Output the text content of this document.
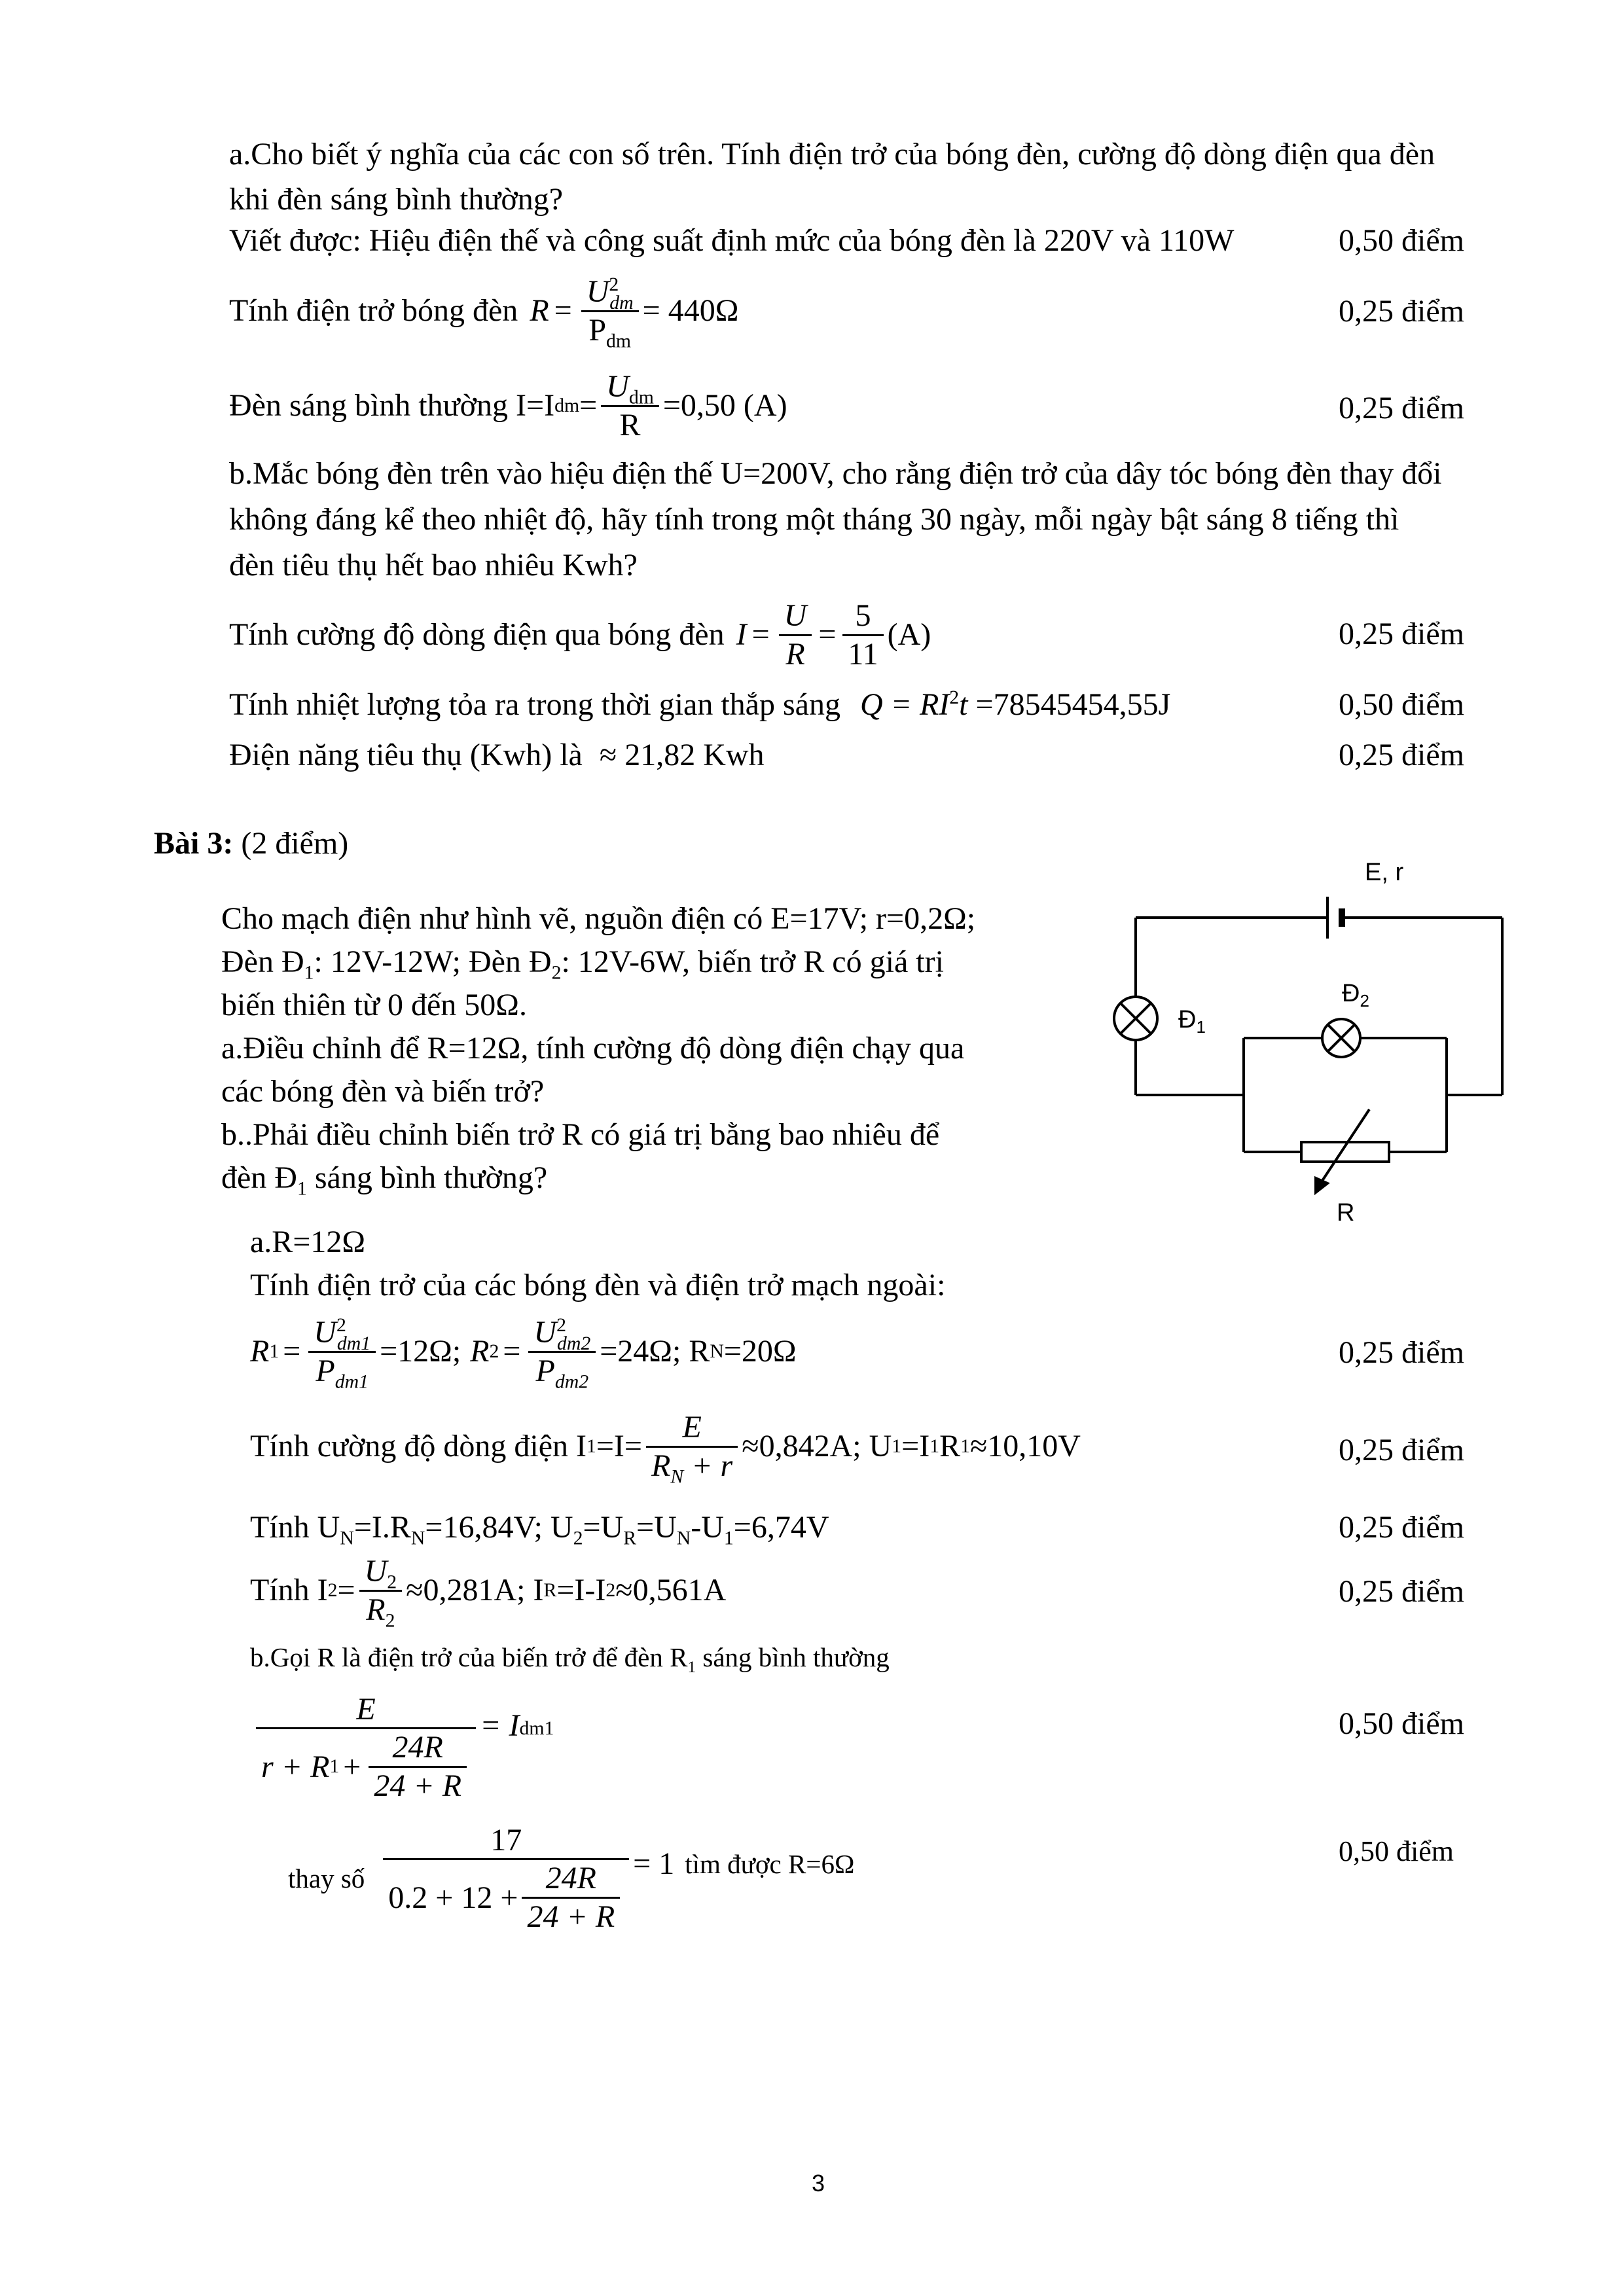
a.Cho biết ý nghĩa của các con số trên. Tính điện trở của bóng đèn, cường độ dòng điện qua đèn
khi đèn sáng bình thường?
Viết được: Hiệu điện thế và công suất định mức của bóng đèn là 220V và 110W	0,50 điểm
Tính điện trở bóng đèn $R = \frac{U^2_{dm}}{P_{dm}} = 440\Omega$	0,25 điểm
Đèn sáng bình thường I=I dm = $\frac{U_{dm}}{R} =0,50$ (A)	0,25 điểm
b.Mắc bóng đèn trên vào hiệu điện thế U=200V, cho rằng điện trở của dây tóc bóng đèn thay đổi
không đáng kể theo nhiệt độ, hãy tính trong một tháng 30 ngày, mỗi ngày bật sáng 8 tiếng thì
đèn tiêu thụ hết bao nhiêu Kwh?
Tính cường độ dòng điện qua bóng đèn $I = \frac{U}{R} = \frac{5}{11} (A)$	0,25 điểm
Tính nhiệt lượng tỏa ra trong thời gian thắp sáng $Q = RI^2t =78545454,55J$	0,50 điểm
Điện năng tiêu thụ (Kwh) là ≈ 21,82 Kwh	0,25 điểm
Bài 3: (2 điểm)
Cho mạch điện như hình vẽ, nguồn điện có E=17V; r=0,2Ω;
Đèn $Đ_1$: 12V-12W; Đèn $Đ_2$: 12V-6W, biến trở R có giá trị
biến thiên từ 0 đến 50Ω.
a.Điều chỉnh để R=12Ω, tính cường độ dòng điện chạy qua
các bóng đèn và biến trở?
b..Phải điều chỉnh biến trở R có giá trị bằng bao nhiêu để
đèn $Đ_1$ sáng bình thường?
E, r
$Đ_1$
$Đ_2$
R
a.R=12Ω
Tính điện trở của các bóng đèn và điện trở mạch ngoài:
R $1 = \frac{U^2_{dm1}}{P_{dm1}} =12\Omega$; R $2 = \frac{U^2_{dm2}}{P_{dm2}} =24\Omega$; R N =20Ω	0,25 điểm
Tính cường độ dòng điện I $1 =I= \frac{E}{R_N + r} \approx 0,842A$; U 1 =I 1 R 1 ≈10,10V	0,25 điểm
Tính $U_N=I.R_N=16,84V$; $U_2=U_R=U_N-U_1=6,74V$	0,25 điểm
Tính I $2 = \frac{U_2}{R_2} \approx 0,281A$; I R =I-I 2 ≈0,561A	0,25 điểm
b.Gọi R là điện trở của biến trở để đèn $R_1$ sáng bình thường
$\frac{E}{r + R 1 + \frac{24R}{24 + R}} = I$ dm1	0,50 điểm
thay số $\frac{17}{0.2 + 12 + \frac{24R}{24 + R}} = 1$ tìm được R=6Ω	0,50 điểm
3
